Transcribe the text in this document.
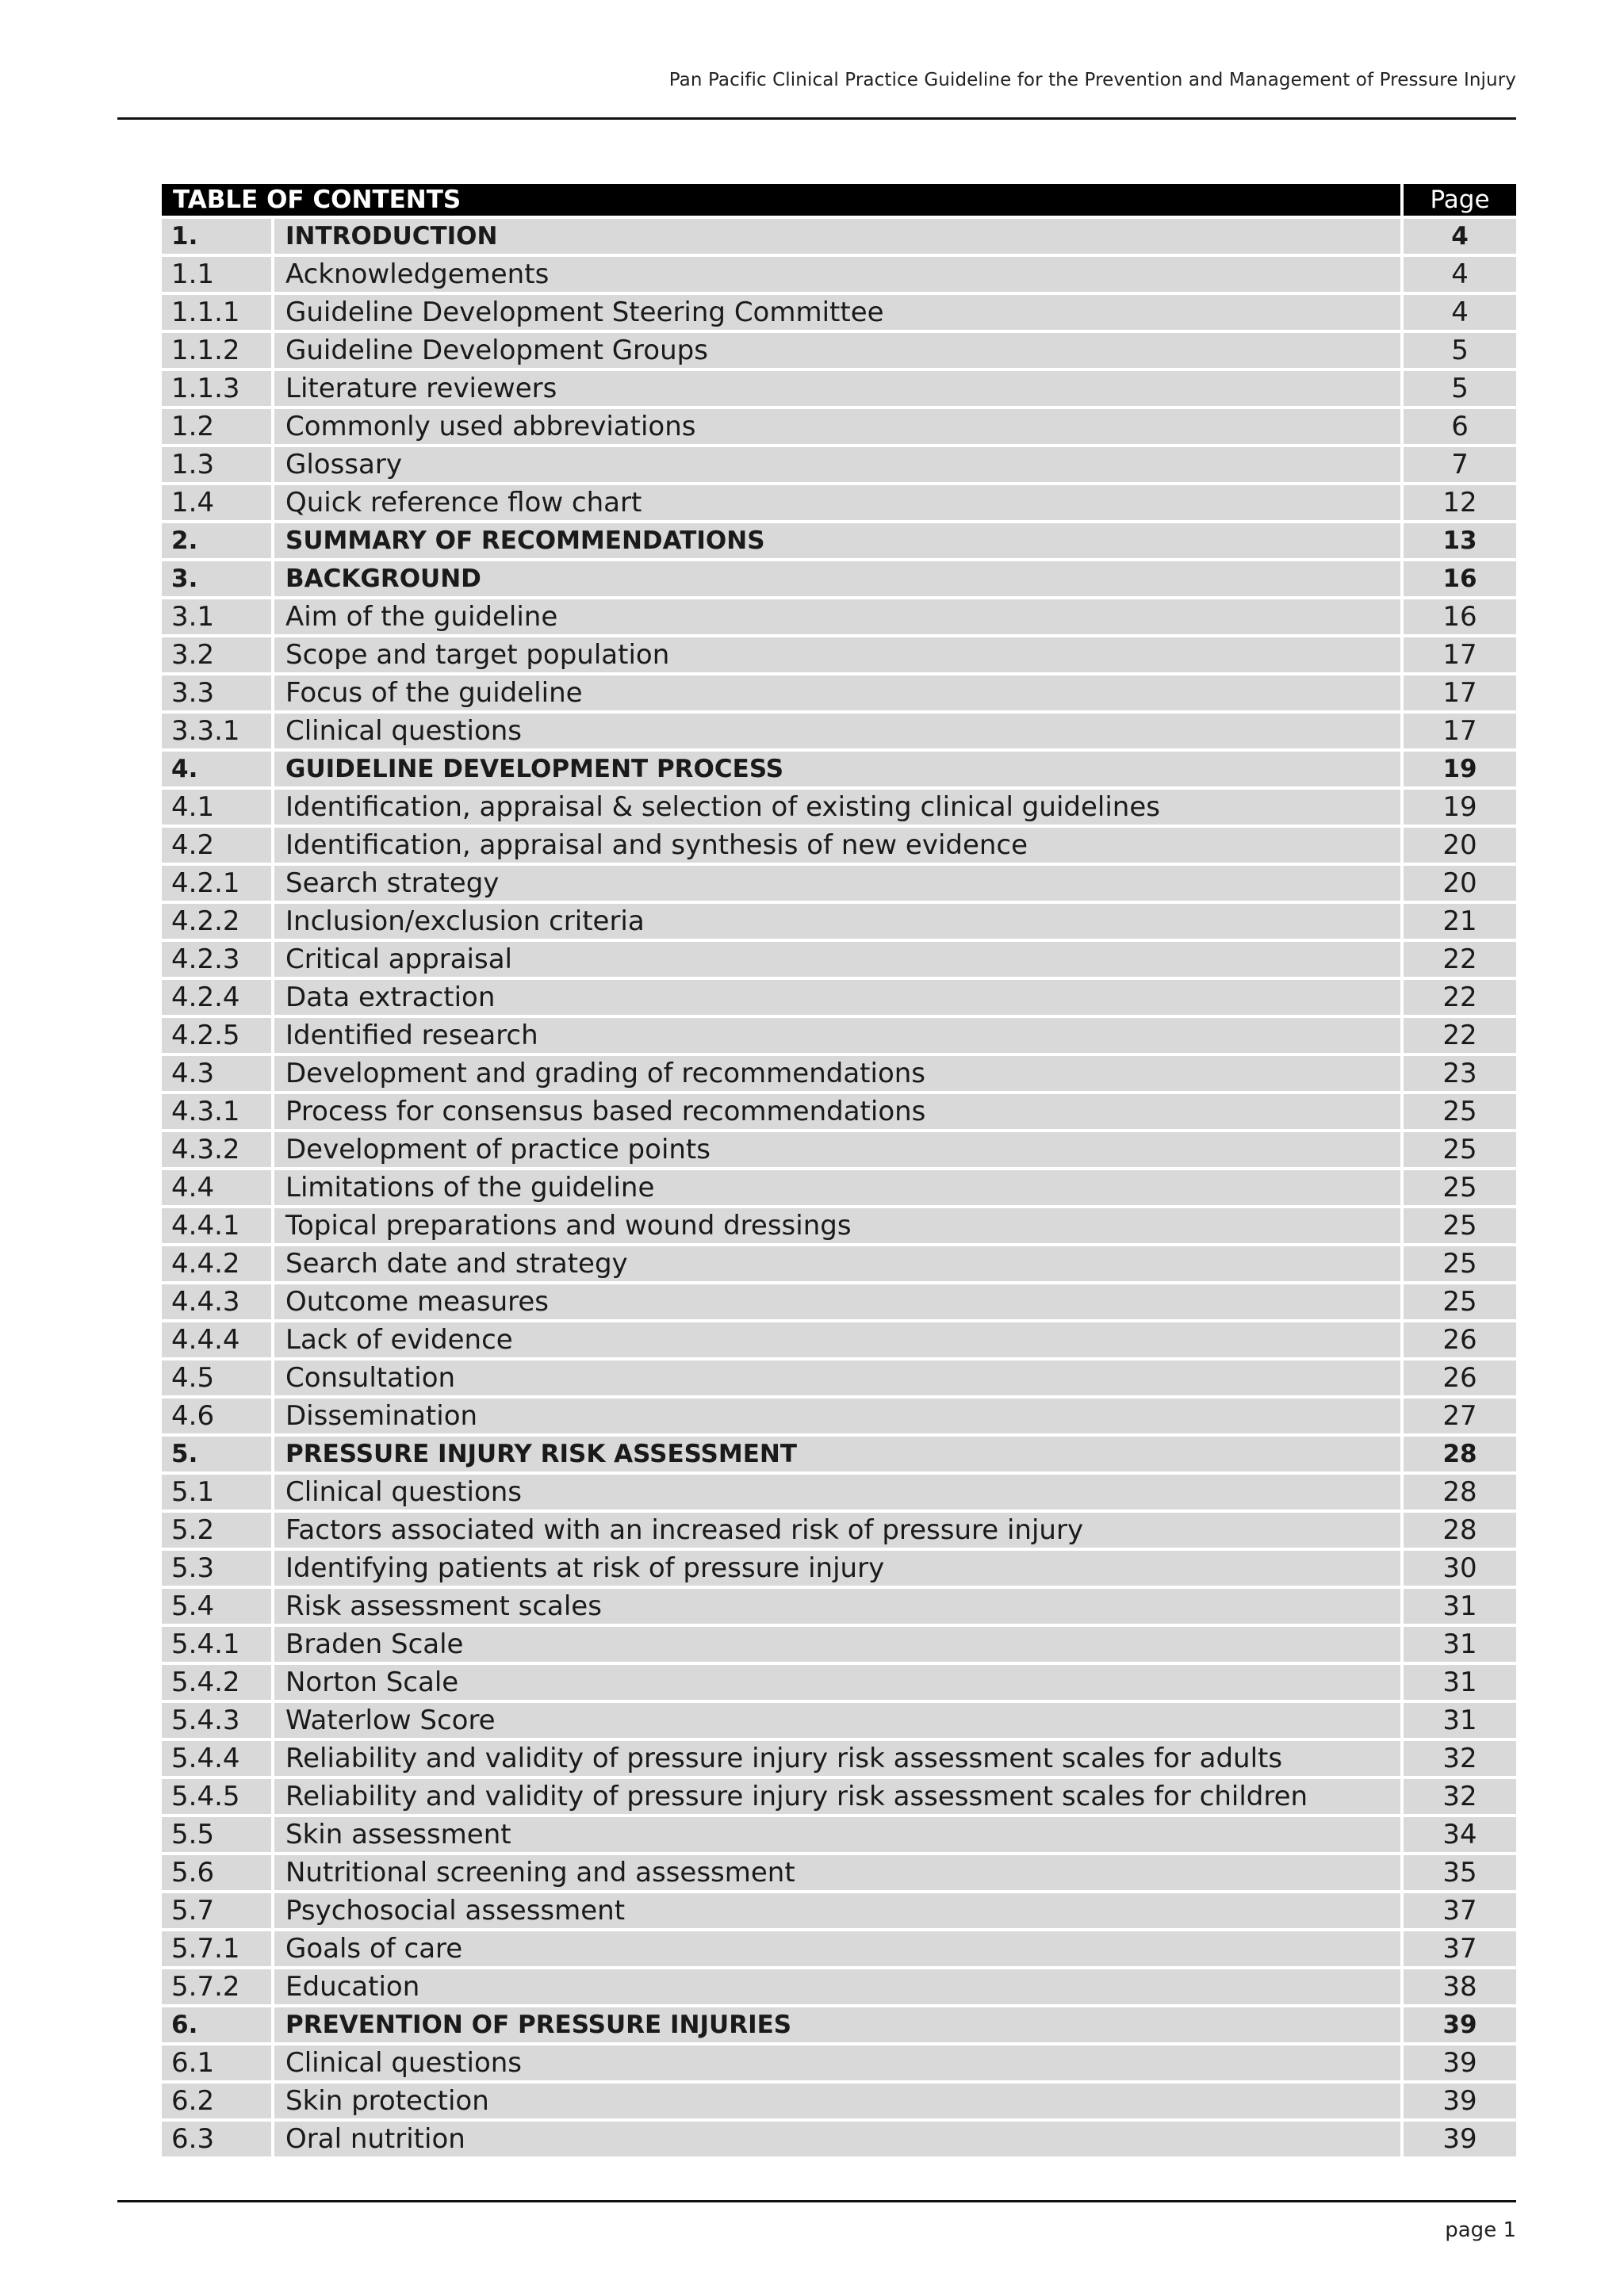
Pan Pacific Clinical Practice Guideline for the Prevention and Management of Pressure Injury
TABLE OF CONTENTS		Page
1.	INTRODUCTION	4
1.1	Acknowledgements	4
1.1.1	Guideline Development Steering Committee	4
1.1.2	Guideline Development Groups	5
1.1.3	Literature reviewers	5
1.2	Commonly used abbreviations	6
1.3	Glossary	7
1.4	Quick reference flow chart	12
2.	SUMMARY OF RECOMMENDATIONS	13
3.	BACKGROUND	16
3.1	Aim of the guideline	16
3.2	Scope and target population	17
3.3	Focus of the guideline	17
3.3.1	Clinical questions	17
4.	GUIDELINE DEVELOPMENT PROCESS	19
4.1	Identification, appraisal & selection of existing clinical guidelines	19
4.2	Identification, appraisal and synthesis of new evidence	20
4.2.1	Search strategy	20
4.2.2	Inclusion/exclusion criteria	21
4.2.3	Critical appraisal	22
4.2.4	Data extraction	22
4.2.5	Identified research	22
4.3	Development and grading of recommendations	23
4.3.1	Process for consensus based recommendations	25
4.3.2	Development of practice points	25
4.4	Limitations of the guideline	25
4.4.1	Topical preparations and wound dressings	25
4.4.2	Search date and strategy	25
4.4.3	Outcome measures	25
4.4.4	Lack of evidence	26
4.5	Consultation	26
4.6	Dissemination	27
5.	PRESSURE INJURY RISK ASSESSMENT	28
5.1	Clinical questions	28
5.2	Factors associated with an increased risk of pressure injury	28
5.3	Identifying patients at risk of pressure injury	30
5.4	Risk assessment scales	31
5.4.1	Braden Scale	31
5.4.2	Norton Scale	31
5.4.3	Waterlow Score	31
5.4.4	Reliability and validity of pressure injury risk assessment scales for adults	32
5.4.5	Reliability and validity of pressure injury risk assessment scales for children	32
5.5	Skin assessment	34
5.6	Nutritional screening and assessment	35
5.7	Psychosocial assessment	37
5.7.1	Goals of care	37
5.7.2	Education	38
6.	PREVENTION OF PRESSURE INJURIES	39
6.1	Clinical questions	39
6.2	Skin protection	39
6.3	Oral nutrition	39
page 1
